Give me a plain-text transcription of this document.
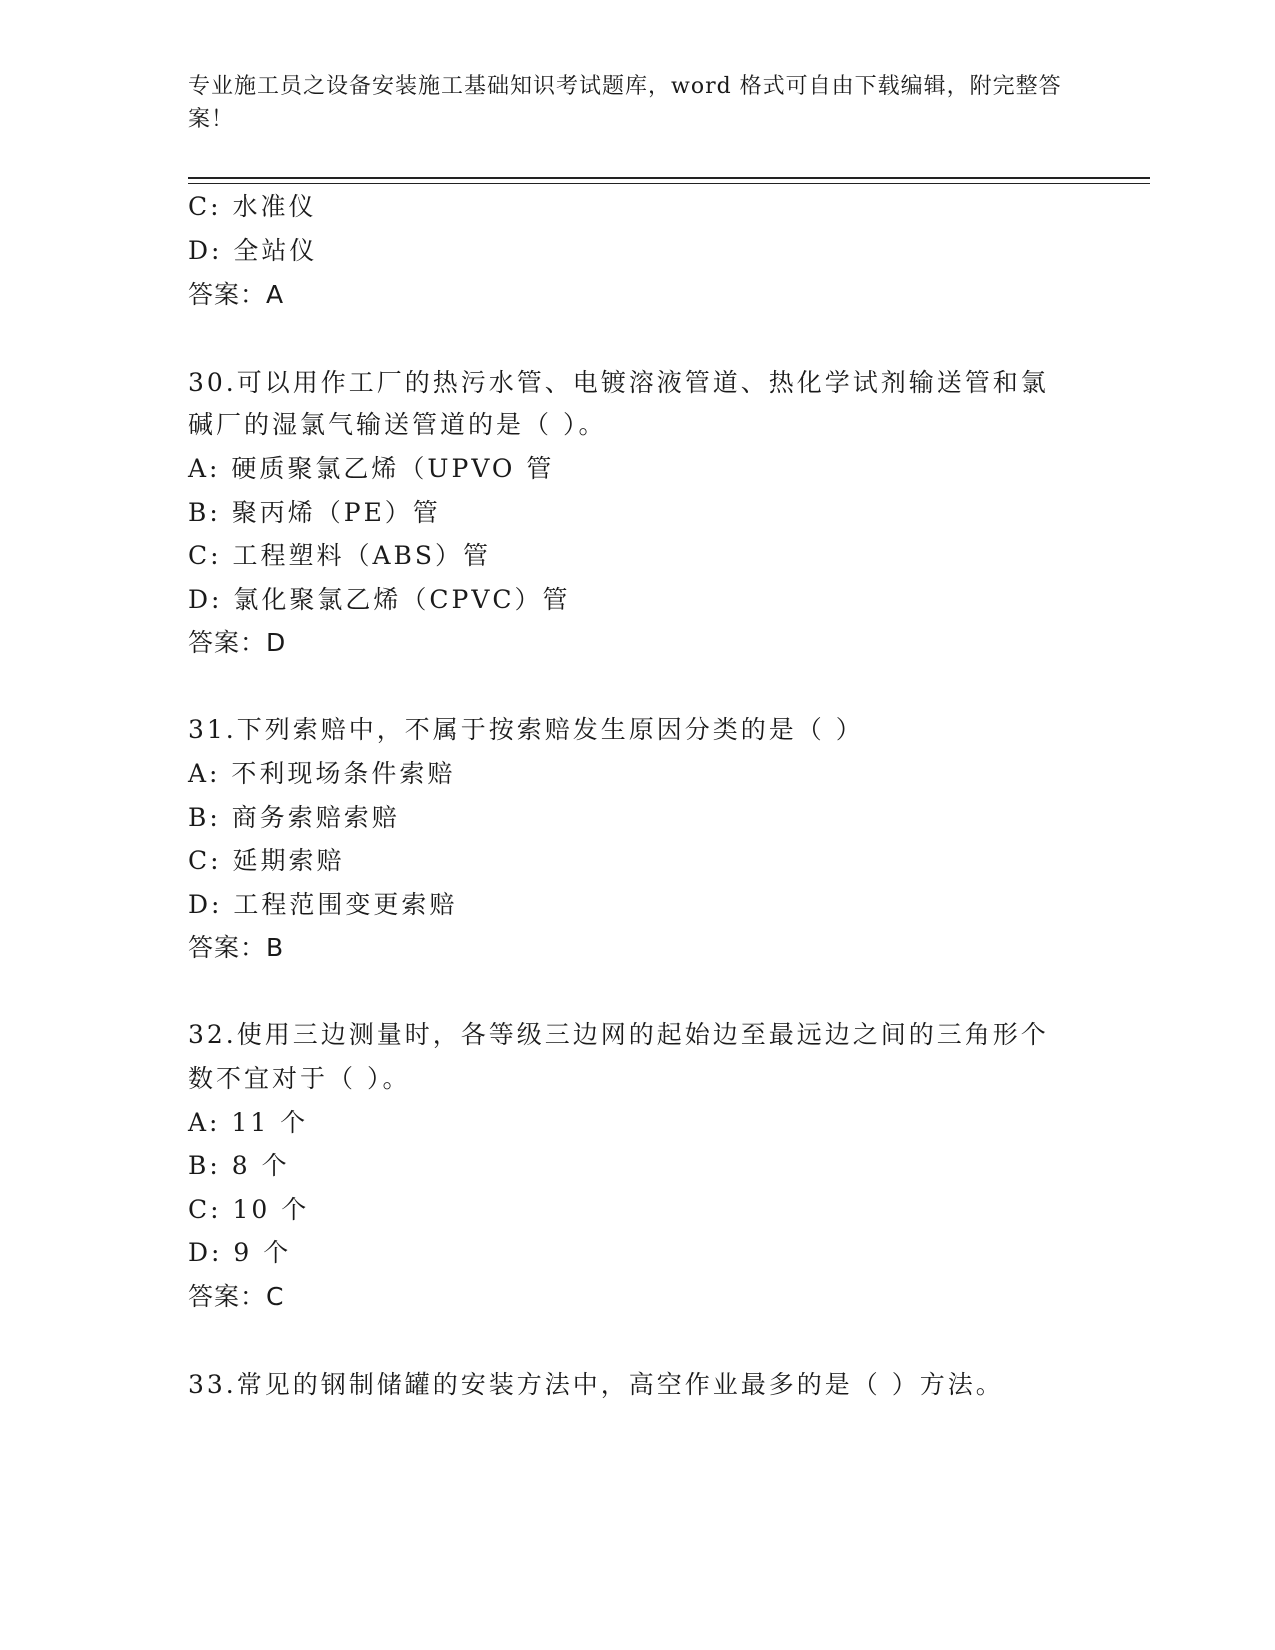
专业施工员之设备安装施工基础知识考试题库，word 格式可自由下载编辑，附完整答案！
C: 水准仪
D: 全站仪
答案：A
30.可以用作工厂的热污水管、电镀溶液管道、热化学试剂输送管和氯
碱厂的湿氯气输送管道的是（ ）。
A: 硬质聚氯乙烯（UPVO 管
B: 聚丙烯（PE）管
C: 工程塑料（ABS）管
D: 氯化聚氯乙烯（CPVC）管
答案：D
31.下列索赔中，不属于按索赔发生原因分类的是（ ）
A: 不利现场条件索赔
B: 商务索赔索赔
C: 延期索赔
D: 工程范围变更索赔
答案：B
32.使用三边测量时，各等级三边网的起始边至最远边之间的三角形个
数不宜对于（ ）。
A: 11 个
B: 8 个
C: 10 个
D: 9 个
答案：C
33.常见的钢制储罐的安装方法中，高空作业最多的是（ ）方法。
